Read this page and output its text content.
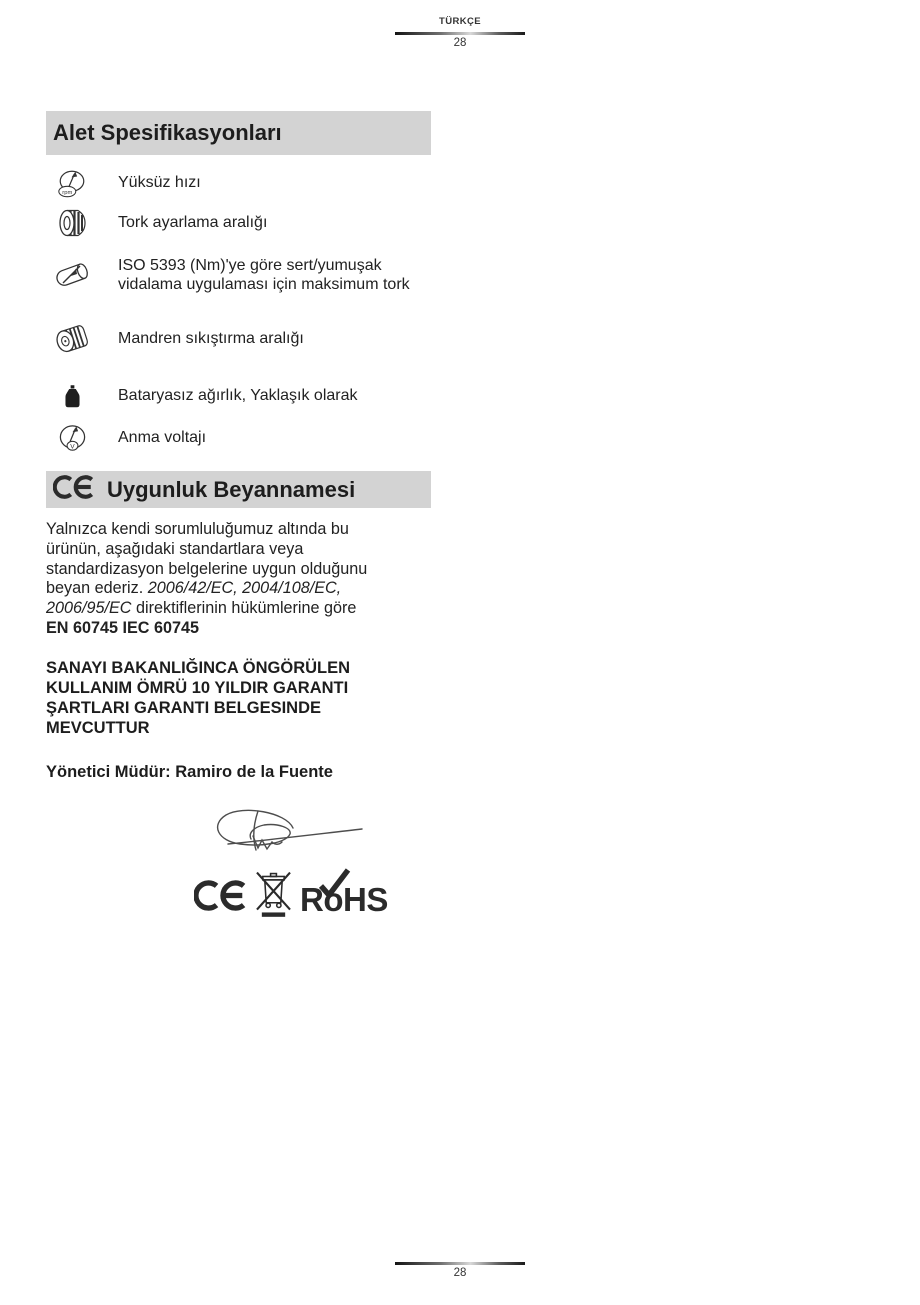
TÜRKÇE
28
Alet Spesifikasyonları
rpm
Yüksüz hızı
Tork ayarlama aralığı
ISO 5393 (Nm)'ye göre sert/yumuşak
vidalama uygulaması için maksimum tork
Mandren sıkıştırma aralığı
Bataryasız ağırlık, Yaklaşık olarak
V
Anma voltajı
Uygunluk Beyannamesi
Yalnızca kendi sorumluluğumuz altında bu
ürünün, aşağıdaki standartlara veya
standardizasyon belgelerine uygun olduğunu
beyan ederiz. 2006/42/EC, 2004/108/EC,
2006/95/EC direktiflerinin hükümlerine göre
EN 60745 IEC 60745
SANAYI BAKANLIĞINCA ÖNGÖRÜLEN
KULLANIM ÖMRÜ 10 YILDIR GARANTI
ŞARTLARI GARANTI BELGESINDE
MEVCUTTUR
Yönetici Müdür: Ramiro de la Fuente
RoHS
28
